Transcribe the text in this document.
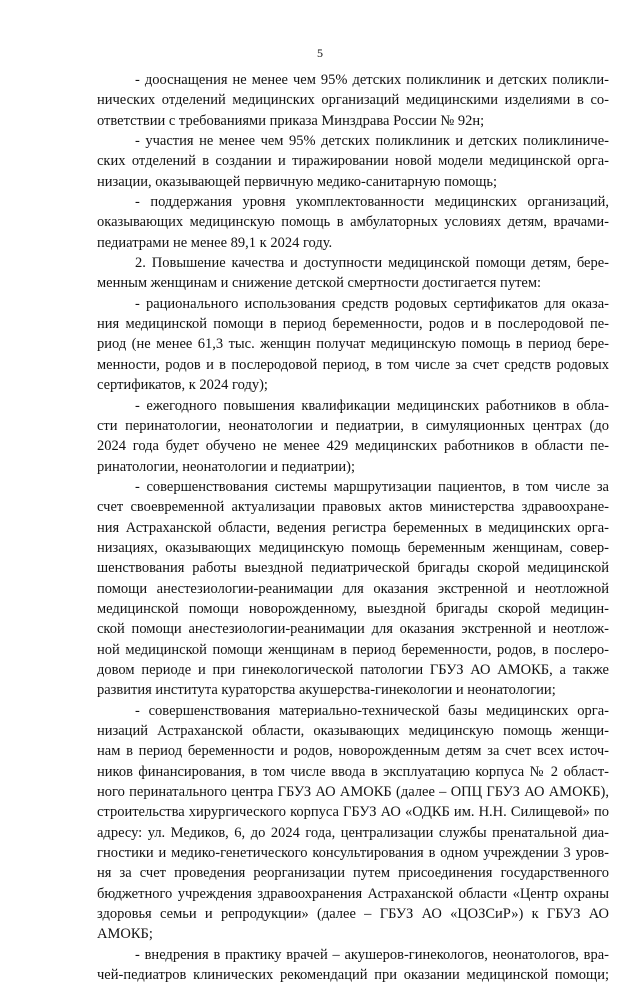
5
- дооснащения не менее чем 95% детских поликлиник и детских поликли-
нических отделений медицинских организаций медицинскими изделиями в со-
ответствии с требованиями приказа Минздрава России № 92н;
- участия не менее чем 95% детских поликлиник и детских поликлиниче-
ских отделений в создании и тиражировании новой модели медицинской орга-
низации, оказывающей первичную медико-санитарную помощь;
- поддержания уровня укомплектованности медицинских организаций,
оказывающих медицинскую помощь в амбулаторных условиях детям, врачами-
педиатрами не менее 89,1 к 2024 году.
2. Повышение качества и доступности медицинской помощи детям, бере-
менным женщинам и снижение детской смертности достигается путем:
- рационального использования средств родовых сертификатов для оказа-
ния медицинской помощи в период беременности, родов и в послеродовой пе-
риод (не менее 61,3 тыс. женщин получат медицинскую помощь в период бере-
менности, родов и в послеродовой период, в том числе за счет средств родовых
сертификатов, к 2024 году);
- ежегодного повышения квалификации медицинских работников в обла-
сти перинатологии, неонатологии и педиатрии, в симуляционных центрах (до
2024 года будет обучено не менее 429 медицинских работников в области пе-
ринатологии, неонатологии и педиатрии);
- совершенствования системы маршрутизации пациентов, в том числе за
счет своевременной актуализации правовых актов министерства здравоохране-
ния Астраханской области, ведения регистра беременных в медицинских орга-
низациях, оказывающих медицинскую помощь беременным женщинам, совер-
шенствования работы выездной педиатрической бригады скорой медицинской
помощи анестезиологии-реанимации для оказания экстренной и неотложной
медицинской помощи новорожденному, выездной бригады скорой медицин-
ской помощи анестезиологии-реанимации для оказания экстренной и неотлож-
ной медицинской помощи женщинам в период беременности, родов, в послеро-
довом периоде и при гинекологической патологии ГБУЗ АО АМОКБ, а также
развития института кураторства акушерства-гинекологии и неонатологии;
- совершенствования материально-технической базы медицинских орга-
низаций Астраханской области, оказывающих медицинскую помощь женщи-
нам в период беременности и родов, новорожденным детям за счет всех источ-
ников финансирования, в том числе ввода в эксплуатацию корпуса № 2 област-
ного перинатального центра ГБУЗ АО АМОКБ (далее – ОПЦ ГБУЗ АО АМОКБ),
строительства хирургического корпуса ГБУЗ АО «ОДКБ им. Н.Н. Силищевой» по
адресу: ул. Медиков, 6, до 2024 года, централизации службы пренатальной диа-
гностики и медико-генетического консультирования в одном учреждении 3 уров-
ня за счет проведения реорганизации путем присоединения государственного
бюджетного учреждения здравоохранения Астраханской области «Центр охраны
здоровья семьи и репродукции» (далее – ГБУЗ АО «ЦОЗСиР») к ГБУЗ АО
АМОКБ;
- внедрения в практику врачей – акушеров-гинекологов, неонатологов, вра-
чей-педиатров клинических рекомендаций при оказании медицинской помощи;
